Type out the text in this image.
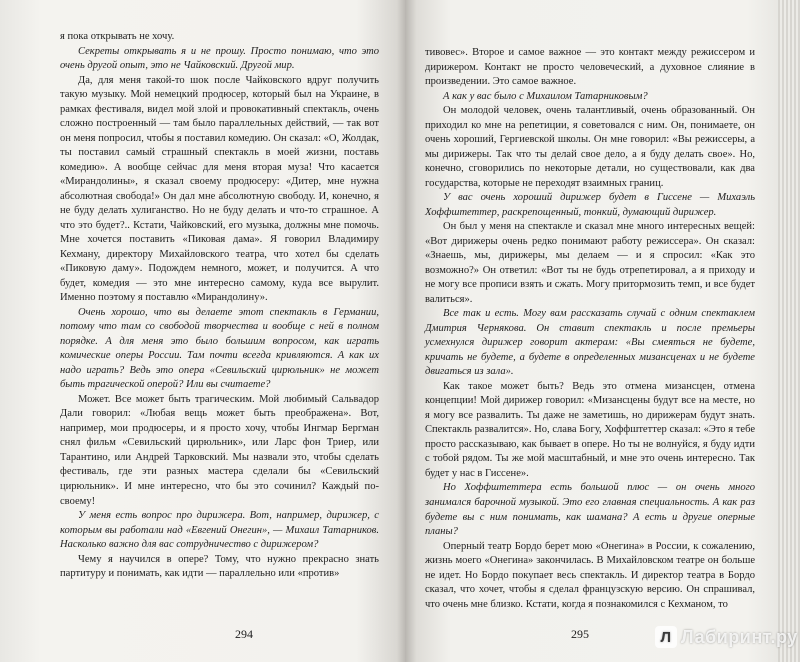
я пока открывать не хочу.

Секреты открывать я и не прошу. Просто понимаю, что это очень другой опыт, это не Чайковский. Другой мир.

Да, для меня такой-то шок после Чайковского вдруг получить такую музыку. Мой немецкий продюсер, который был на Украине, в рамках фестиваля, видел мой злой и провокативный спектакль, очень сложно построенный — там было параллельных действий, — так вот он меня попросил, чтобы я поставил комедию. Он сказал: «О, Жолдак, ты поставил самый страшный спектакль в моей жизни, поставь комедию». А вообще сейчас для меня вторая муза! Что касается «Мирандолины», я сказал своему продюсеру: «Дитер, мне нужна абсолютная свобода!» Он дал мне абсолютную свободу. И, конечно, я не буду делать хулиганство. Но не буду делать и что-то страшное. А что это будет?.. Кстати, Чайковский, его музыка, должны мне помочь. Мне хочется поставить «Пиковая дама». Я говорил Владимиру Кехману, директору Михайловского театра, что хотел бы сделать «Пиковую даму». Подождем немного, может, и получится. А что будет, комедия — это мне интересно самому, куда все вырулит. Именно поэтому я поставлю «Мирандолину».

Очень хорошо, что вы делаете этот спектакль в Германии, потому что там со свободой творчества и вообще с ней в полном порядке. А для меня это было большим вопросом, как играть комические оперы России. Там почти всегда кривляются. А как их надо играть? Ведь это опера «Севильский цирюльник» не может быть трагической оперой? Или вы считаете?

Может. Все может быть трагическим. Мой любимый Сальвадор Дали говорил: «Любая вещь может быть преображена». Вот, например, мои продюсеры, и я просто хочу, чтобы Ингмар Бергман снял фильм «Севильский цирюльник», или Ларс фон Триер, или Тарантино, или Андрей Тарковский. Мы назвали это, чтобы сделать фестиваль, где эти разных мастера сделали бы «Севильский цирюльник». И мне интересно, что бы это сочинил? Каждый по-своему!

У меня есть вопрос про дирижера. Вот, например, дирижер, с которым вы работали над «Евгений Онегин», — Михаил Татарников. Насколько важно для вас сотрудничество с дирижером?

Чему я научился в опере? Тому, что нужно прекрасно знать партитуру и понимать, как идти — параллельно или «против»

294

тивовес». Второе и самое важное — это контакт между режиссером и дирижером. Контакт не просто человеческий, а духовное слияние в произведении. Это самое важное.

А как у вас было с Михаилом Татарниковым?

Он молодой человек, очень талантливый, очень образованный. Он приходил ко мне на репетиции, я советовался с ним. Он, понимаете, он очень хороший, Гергиевской школы. Он мне говорил: «Вы режиссеры, а мы дирижеры. Так что ты делай свое дело, а я буду делать свое». Но, конечно, сговорились по некоторые детали, но существовали, как два государства, которые не переходят взаимных границ.

У вас очень хороший дирижер будет в Гиссене — Михаэль Хоффштеттер, раскрепощенный, тонкий, думающий дирижер.

Он был у меня на спектакле и сказал мне много интересных вещей: «Вот дирижеры очень редко понимают работу режиссера». Он сказал: «Знаешь, мы, дирижеры, мы делаем — и я спросил: «Как это возможно?» Он ответил: «Вот ты не будь отрепетировал, а я приходу и не могу все прописи взять и сжать. Могу притормозить темп, и все будет валиться».

Все так и есть. Могу вам рассказать случай с одним спектаклем Дмитрия Чернякова. Он ставит спектакль и после премьеры усмехнулся дирижер говорит актерам: «Вы смеяться не будете, кричать не будете, а будете в определенных мизансценах и не будете двигаться из зала».

Как такое может быть? Ведь это отмена мизансцен, отмена концепции! Мой дирижер говорил: «Мизансцены будут все на месте, но я могу все развалить. Ты даже не заметишь, но дирижерам будут знать. Спектакль развалится». Но, слава Богу, Хоффштеттер сказал: «Это я тебе просто рассказываю, как бывает в опере. Но ты не волнуйся, я буду идти с тобой рядом. Ты же мой масштабный, и мне это очень интересно. Так будет у нас в Гиссене».

Но Хоффштеттера есть большой плюс — он очень много занимался барочной музыкой. Это его главная специальность. А как раз будете вы с ним понимать, как шамана? А есть и другие оперные планы?

Оперный театр Бордо берет мою «Онегина» в России, к сожалению, жизнь моего «Онегина» закончилась. В Михайловском театре он больше не идет. Но Бордо покупает весь спектакль. И директор театра в Бордо сказал, что хочет, чтобы я сделал французскую версию. Он спрашивал, что очень мне близко. Кстати, когда я познакомился с Кехманом, то

295	Л Лабиринт.ру
